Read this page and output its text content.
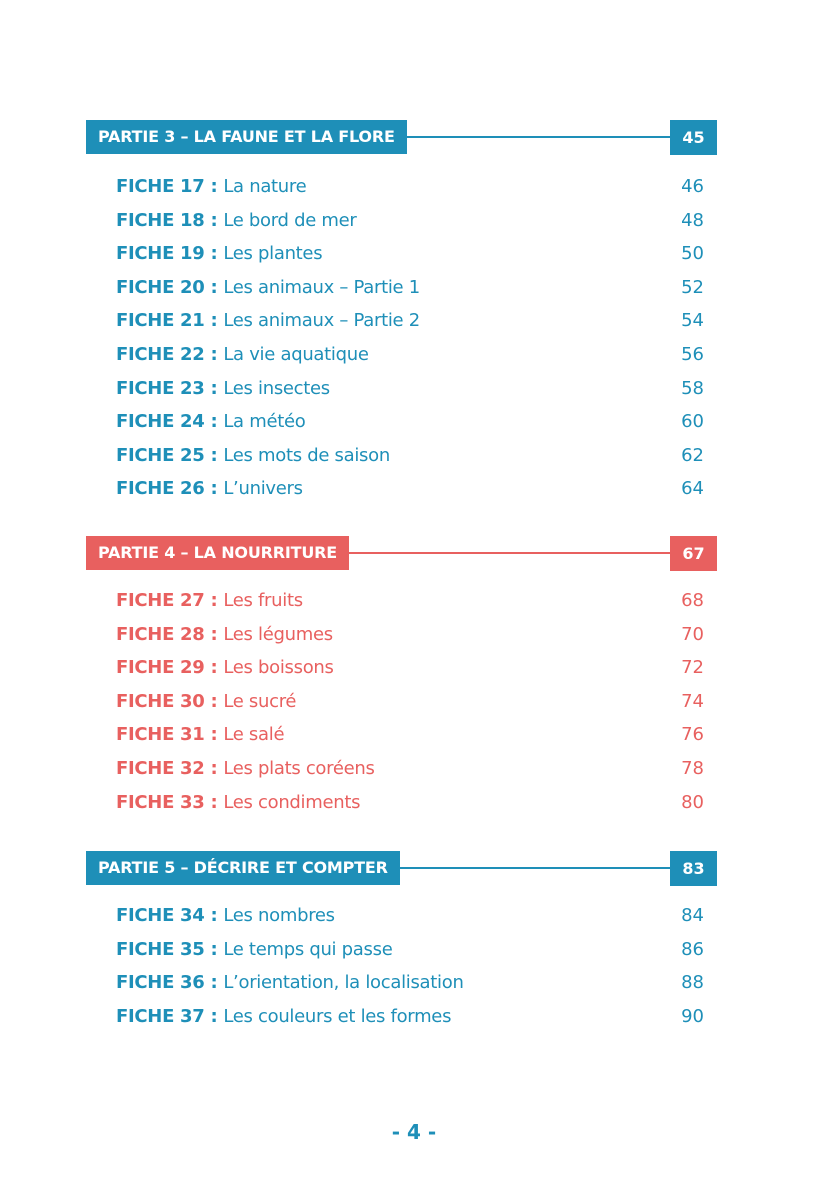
PARTIE 3 – LA FAUNE ET LA FLORE	45
FICHE 17 : La nature	46
FICHE 18 : Le bord de mer	48
FICHE 19 : Les plantes	50
FICHE 20 : Les animaux – Partie 1	52
FICHE 21 : Les animaux – Partie 2	54
FICHE 22 : La vie aquatique	56
FICHE 23 : Les insectes	58
FICHE 24 : La météo	60
FICHE 25 : Les mots de saison	62
FICHE 26 : L’univers	64
PARTIE 4 – LA NOURRITURE	67
FICHE 27 : Les fruits	68
FICHE 28 : Les légumes	70
FICHE 29 : Les boissons	72
FICHE 30 : Le sucré	74
FICHE 31 : Le salé	76
FICHE 32 : Les plats coréens	78
FICHE 33 : Les condiments	80
PARTIE 5 – DÉCRIRE ET COMPTER	83
FICHE 34 : Les nombres	84
FICHE 35 : Le temps qui passe	86
FICHE 36 : L’orientation, la localisation	88
FICHE 37 : Les couleurs et les formes	90
- 4 -
